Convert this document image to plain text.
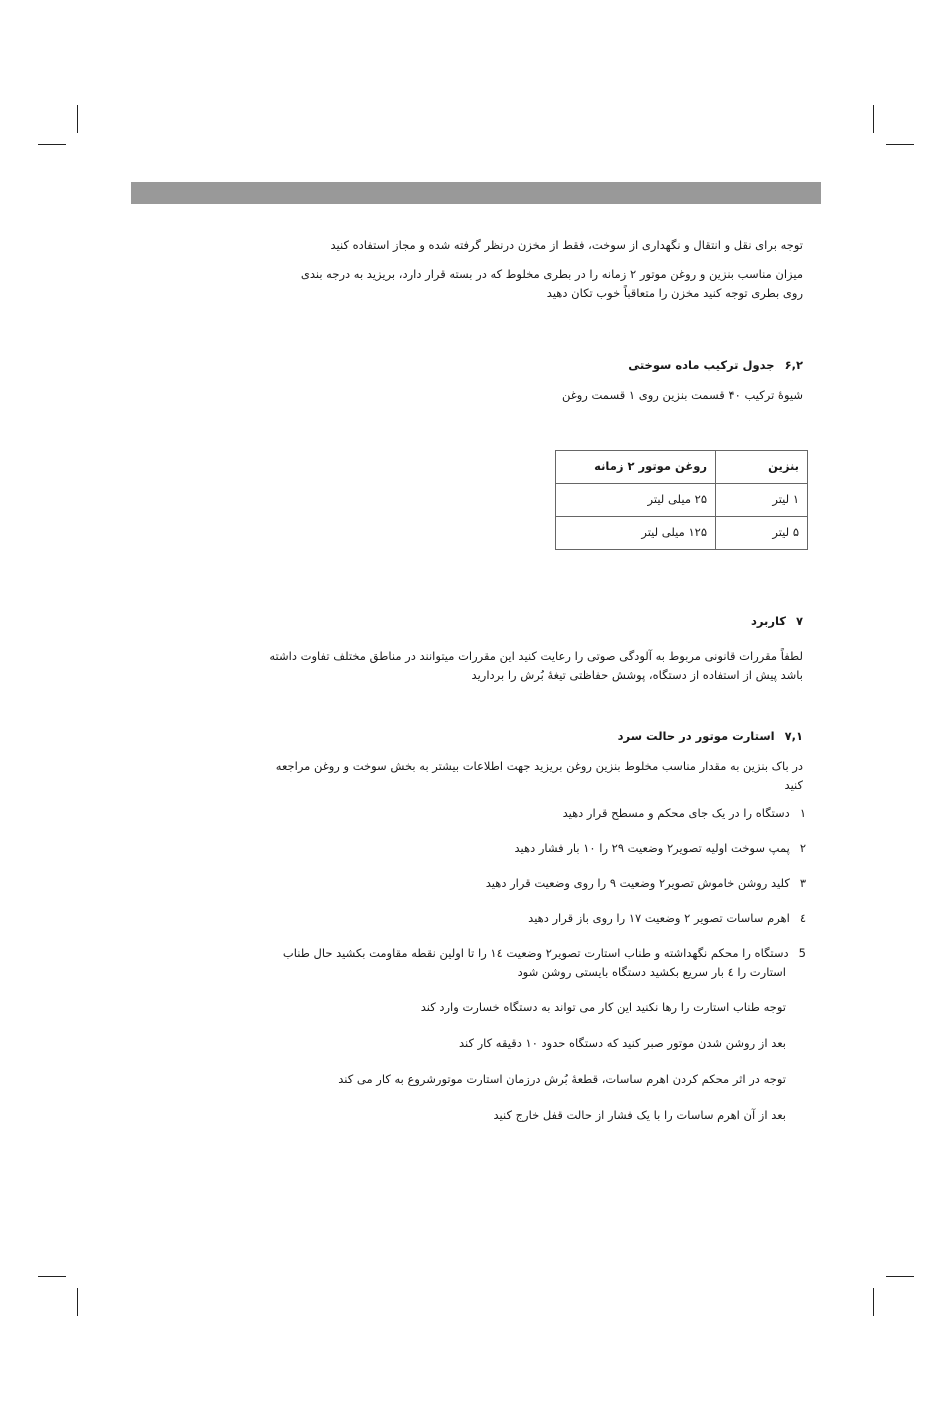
توجه برای نقل و انتقال و نگهداری از سوخت، فقط از مخزن درنظر گرفته شده و مجاز استفاده کنید

میزان مناسب بنزین و روغن موتور ۲ زمانه را در بطری مخلوط که در بسته قرار دارد، بریزید به درجه بندی

روی بطری توجه کنید مخزن را متعاقباً خوب تکان دهید

۶,۲جدول ترکیب ماده سوختی

شیوهٔ ترکیب ۴۰ قسمت بنزین روی ۱ قسمت روغن

بنزین	روغن موتور ۲ زمانه
۱ لیتر	۲۵ میلی لیتر
۵ لیتر	۱۲۵ میلی لیتر

۷کاربرد

لطفاً مقررات قانونی مربوط به آلودگی صوتی را رعایت کنید این مقررات میتوانند در مناطق مختلف تفاوت داشته

باشد پیش از استفاده از دستگاه، پوشش حفاظتی تیغهٔ بُرش را بردارید

۷,۱استارت موتور در حالت سرد

در باک بنزین به مقدار مناسب مخلوط بنزین روغن بریزید جهت اطلاعات بیشتر به بخش سوخت و روغن مراجعه

کنید

۱دستگاه را در یک جای محکم و مسطح قرار دهید

۲پمپ سوخت اولیه تصویر۲ وضعیت ۲۹ را ۱۰ بار فشار دهید

۳کلید روشن خاموش تصویر۲ وضعیت ۹ را روی وضعیت قرار دهید

٤اهرم ساسات تصویر ۲ وضعیت ۱۷ را روی باز قرار دهید

5دستگاه را محکم نگهداشته و طناب استارت تصویر۲ وضعیت ۱٤ را تا اولین نقطه مقاومت بکشید حال طناب

استارت را ٤ بار سریع بکشید دستگاه بایستی روشن شود

توجه طناب استارت را رها نکنید این کار می تواند به دستگاه خسارت وارد کند

بعد از روشن شدن موتور صبر کنید که دستگاه حدود ۱۰ دقیقه کار کند

توجه در اثر محکم کردن اهرم ساسات، قطعهٔ بُرش درزمان استارت موتورشروع به کار می کند

بعد از آن اهرم ساسات را با یک فشار از حالت قفل خارج کنید
